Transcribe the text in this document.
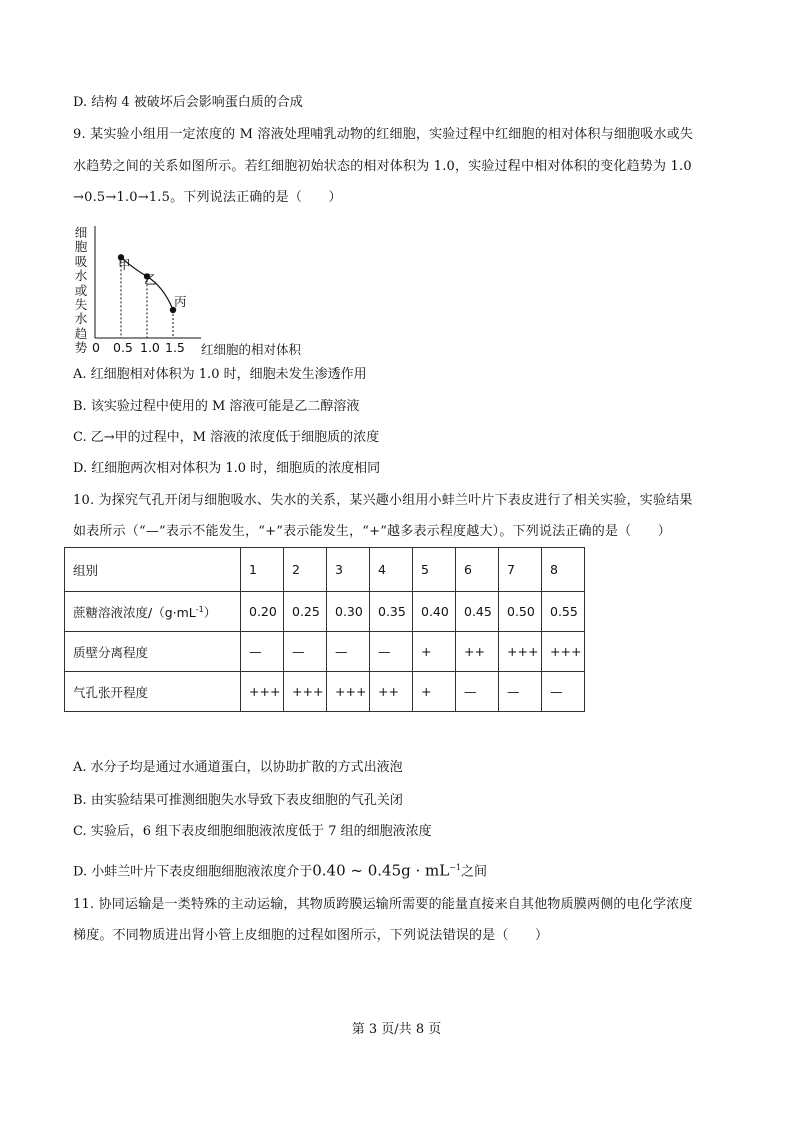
D. 结构 4 被破坏后会影响蛋白质的合成
9. 某实验小组用一定浓度的 M 溶液处理哺乳动物的红细胞，实验过程中红细胞的相对体积与细胞吸水或失
水趋势之间的关系如图所示。若红细胞初始状态的相对体积为 1.0，实验过程中相对体积的变化趋势为 1.0
→0.5→1.0→1.5。下列说法正确的是（　　）
细
胞
吸
水
或
失
水
趋
势 0 0.5 1.0 1.5 红细胞的相对体积
甲
乙
丙
A. 红细胞相对体积为 1.0 时，细胞未发生渗透作用
B. 该实验过程中使用的 M 溶液可能是乙二醇溶液
C. 乙→甲的过程中，M 溶液的浓度低于细胞质的浓度
D. 红细胞两次相对体积为 1.0 时，细胞质的浓度相同
10. 为探究气孔开闭与细胞吸水、失水的关系，某兴趣小组用小蚌兰叶片下表皮进行了相关实验，实验结果
如表所示（“—”表示不能发生，“+”表示能发生，“+”越多表示程度越大）。下列说法正确的是（　　）
组别	1	2	3	4	5	6	7	8
蔗糖溶液浓度$/(g\cdot mL^{-1})$	0.20	0.25	0.30	0.35	0.40	0.45	0.50	0.55
质壁分离程度	—	—	—	—	+	++	+++	+++
气孔张开程度	+++	+++	+++	++	+	—	—	—
A. 水分子均是通过水通道蛋白，以协助扩散的方式出液泡
B. 由实验结果可推测细胞失水导致下表皮细胞的气孔关闭
C. 实验后，6 组下表皮细胞细胞液浓度低于 7 组的细胞液浓度
D. 小蚌兰叶片下表皮细胞细胞液浓度介于0.40 ~ $0.45g \cdot mL^{-1}$之间
11. 协同运输是一类特殊的主动运输，其物质跨膜运输所需要的能量直接来自其他物质膜两侧的电化学浓度
梯度。不同物质进出肾小管上皮细胞的过程如图所示，下列说法错误的是（　　）
第 3 页/共 8 页
